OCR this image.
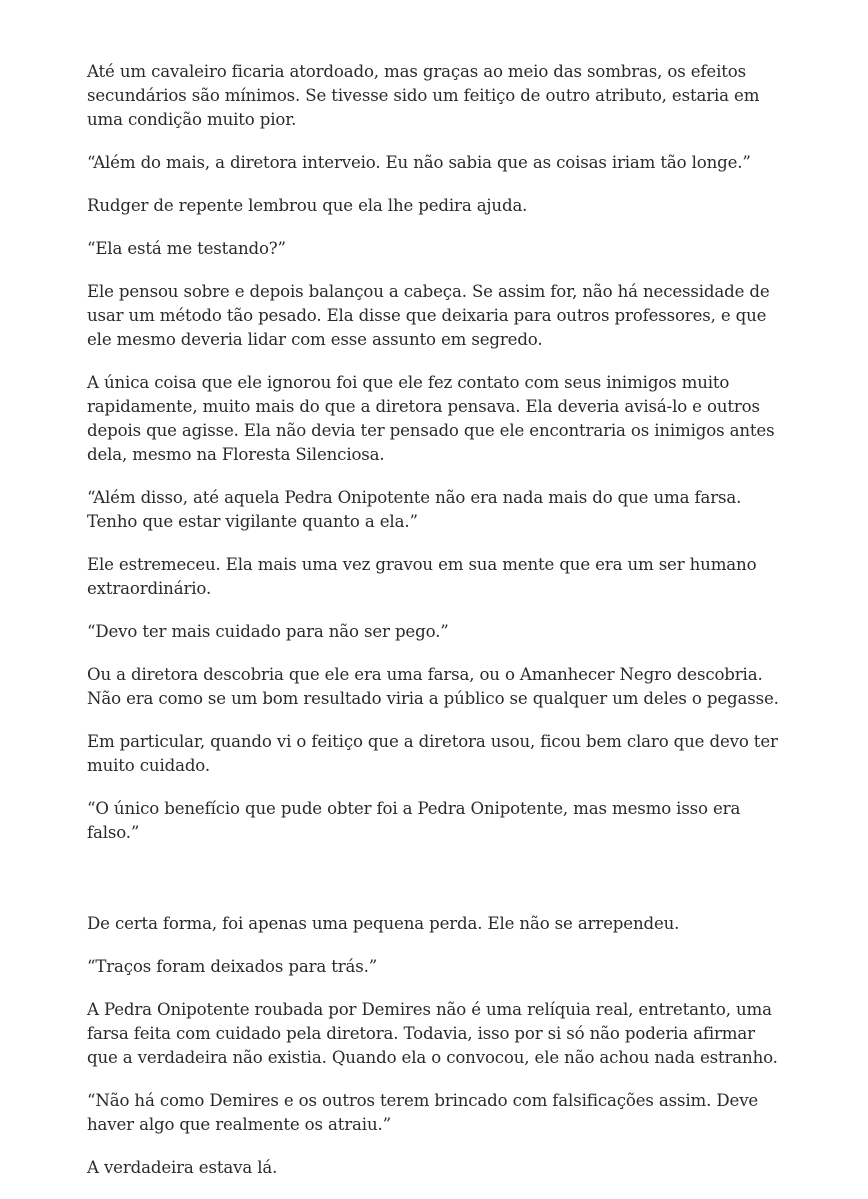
Até um cavaleiro ficaria atordoado, mas graças ao meio das sombras, os efeitos secundários são mínimos. Se tivesse sido um feitiço de outro atributo, estaria em uma condição muito pior.

“Além do mais, a diretora interveio. Eu não sabia que as coisas iriam tão longe.”

Rudger de repente lembrou que ela lhe pedira ajuda.

“Ela está me testando?”

Ele pensou sobre e depois balançou a cabeça. Se assim for, não há necessidade de usar um método tão pesado. Ela disse que deixaria para outros professores, e que ele mesmo deveria lidar com esse assunto em segredo.

A única coisa que ele ignorou foi que ele fez contato com seus inimigos muito rapidamente, muito mais do que a diretora pensava. Ela deveria avisá-lo e outros depois que agisse. Ela não devia ter pensado que ele encontraria os inimigos antes dela, mesmo na Floresta Silenciosa.

“Além disso, até aquela Pedra Onipotente não era nada mais do que uma farsa. Tenho que estar vigilante quanto a ela.”

Ele estremeceu. Ela mais uma vez gravou em sua mente que era um ser humano extraordinário.

“Devo ter mais cuidado para não ser pego.”

Ou a diretora descobria que ele era uma farsa, ou o Amanhecer Negro descobria. Não era como se um bom resultado viria a público se qualquer um deles o pegasse.

Em particular, quando vi o feitiço que a diretora usou, ficou bem claro que devo ter muito cuidado.

“O único benefício que pude obter foi a Pedra Onipotente, mas mesmo isso era falso.”

De certa forma, foi apenas uma pequena perda. Ele não se arrependeu.

“Traços foram deixados para trás.”

A Pedra Onipotente roubada por Demires não é uma relíquia real, entretanto, uma farsa feita com cuidado pela diretora. Todavia, isso por si só não poderia afirmar que a verdadeira não existia. Quando ela o convocou, ele não achou nada estranho.

“Não há como Demires e os outros terem brincado com falsificações assim. Deve haver algo que realmente os atraiu.”

A verdadeira estava lá.
